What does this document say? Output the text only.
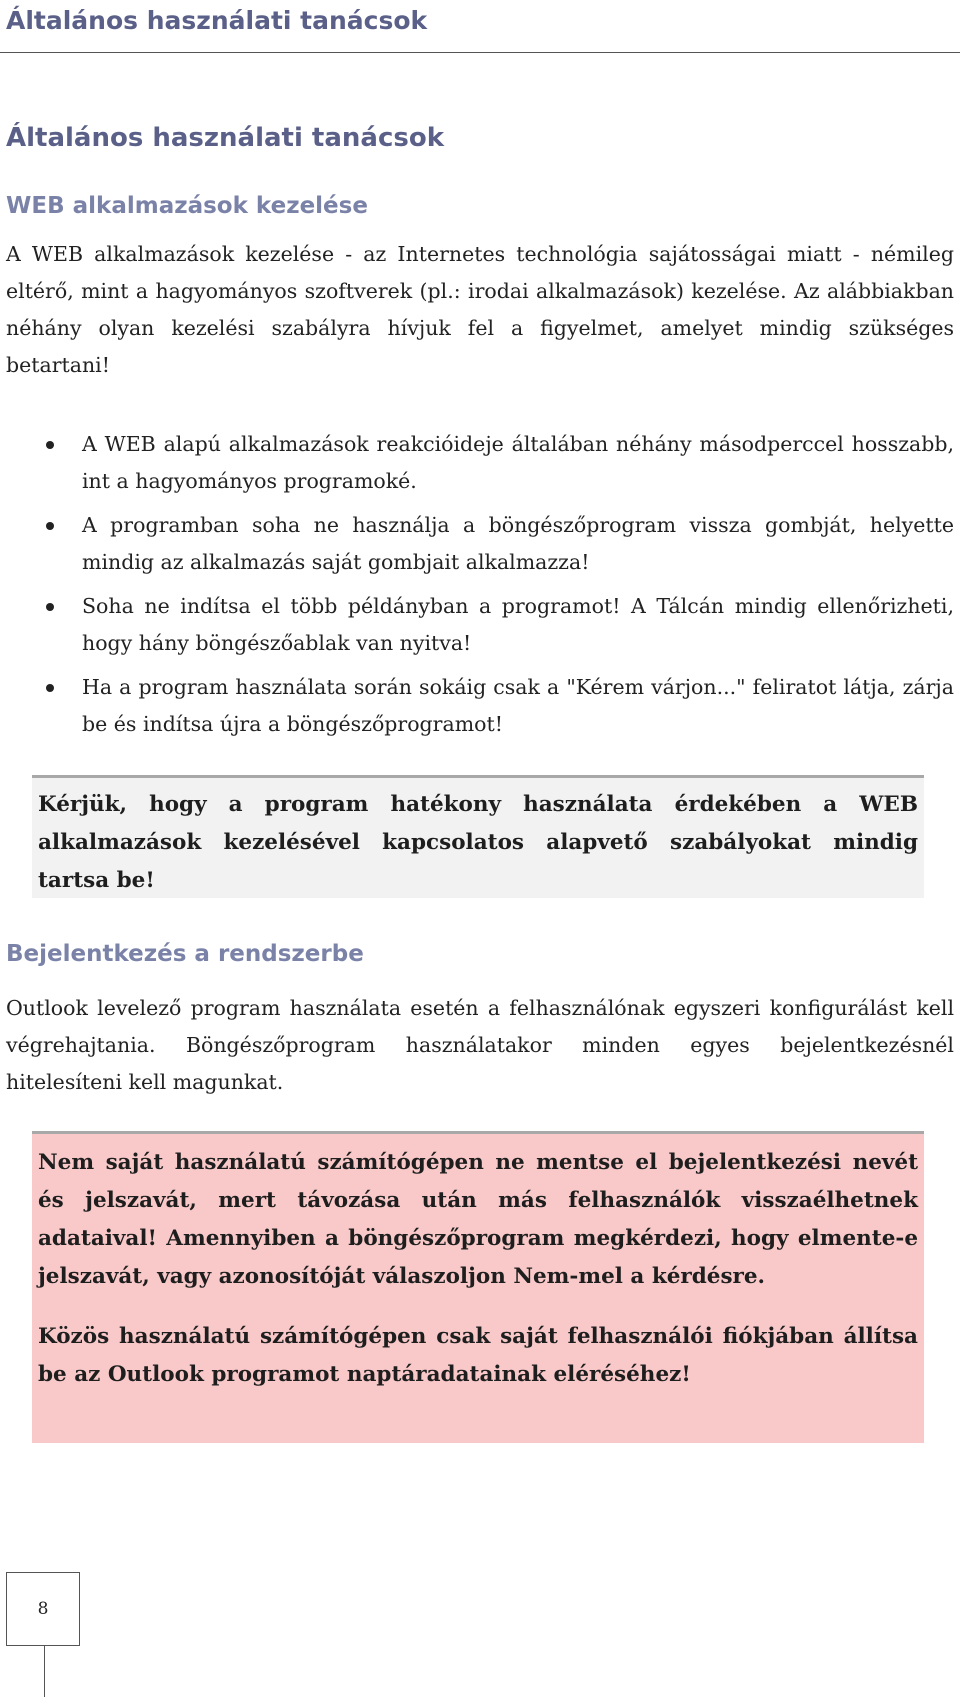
Általános használati tanácsok
Általános használati tanácsok
WEB alkalmazások kezelése

A WEB alkalmazások kezelése - az Internetes technológia sajátosságai miatt - némileg eltérő, mint a hagyományos szoftverek (pl.: irodai alkalmazások) kezelése. Az alábbiakban néhány olyan kezelési szabályra hívjuk fel a figyelmet, amelyet mindig szükséges betartani!

A WEB alapú alkalmazások reakcióideje általában néhány másodperccel hosszabb, int a hagyományos programoké.
A programban soha ne használja a böngészőprogram vissza gombját, helyette mindig az alkalmazás saját gombjait alkalmazza!
Soha ne indítsa el több példányban a programot! A Tálcán mindig ellenőrizheti, hogy hány böngészőablak van nyitva!
Ha a program használata során sokáig csak a "Kérem várjon..." feliratot látja, zárja be és indítsa újra a böngészőprogramot!

Kérjük, hogy a program hatékony használata érdekében a WEB alkalmazások kezelésével kapcsolatos alapvető szabályokat mindig tartsa be!

Bejelentkezés a rendszerbe

Outlook levelező program használata esetén a felhasználónak egyszeri konfigurálást kell végrehajtania. Böngészőprogram használatakor minden egyes bejelentkezésnél hitelesíteni kell magunkat.

Nem saját használatú számítógépen ne mentse el bejelentkezési nevét és jelszavát, mert távozása után más felhasználók visszaélhetnek adataival! Amennyiben a böngészőprogram megkérdezi, hogy elmente-e jelszavát, vagy azonosítóját válaszoljon Nem-mel a kérdésre.

Közös használatú számítógépen csak saját felhasználói fiókjában állítsa be az Outlook programot naptáradatainak eléréséhez!

8
